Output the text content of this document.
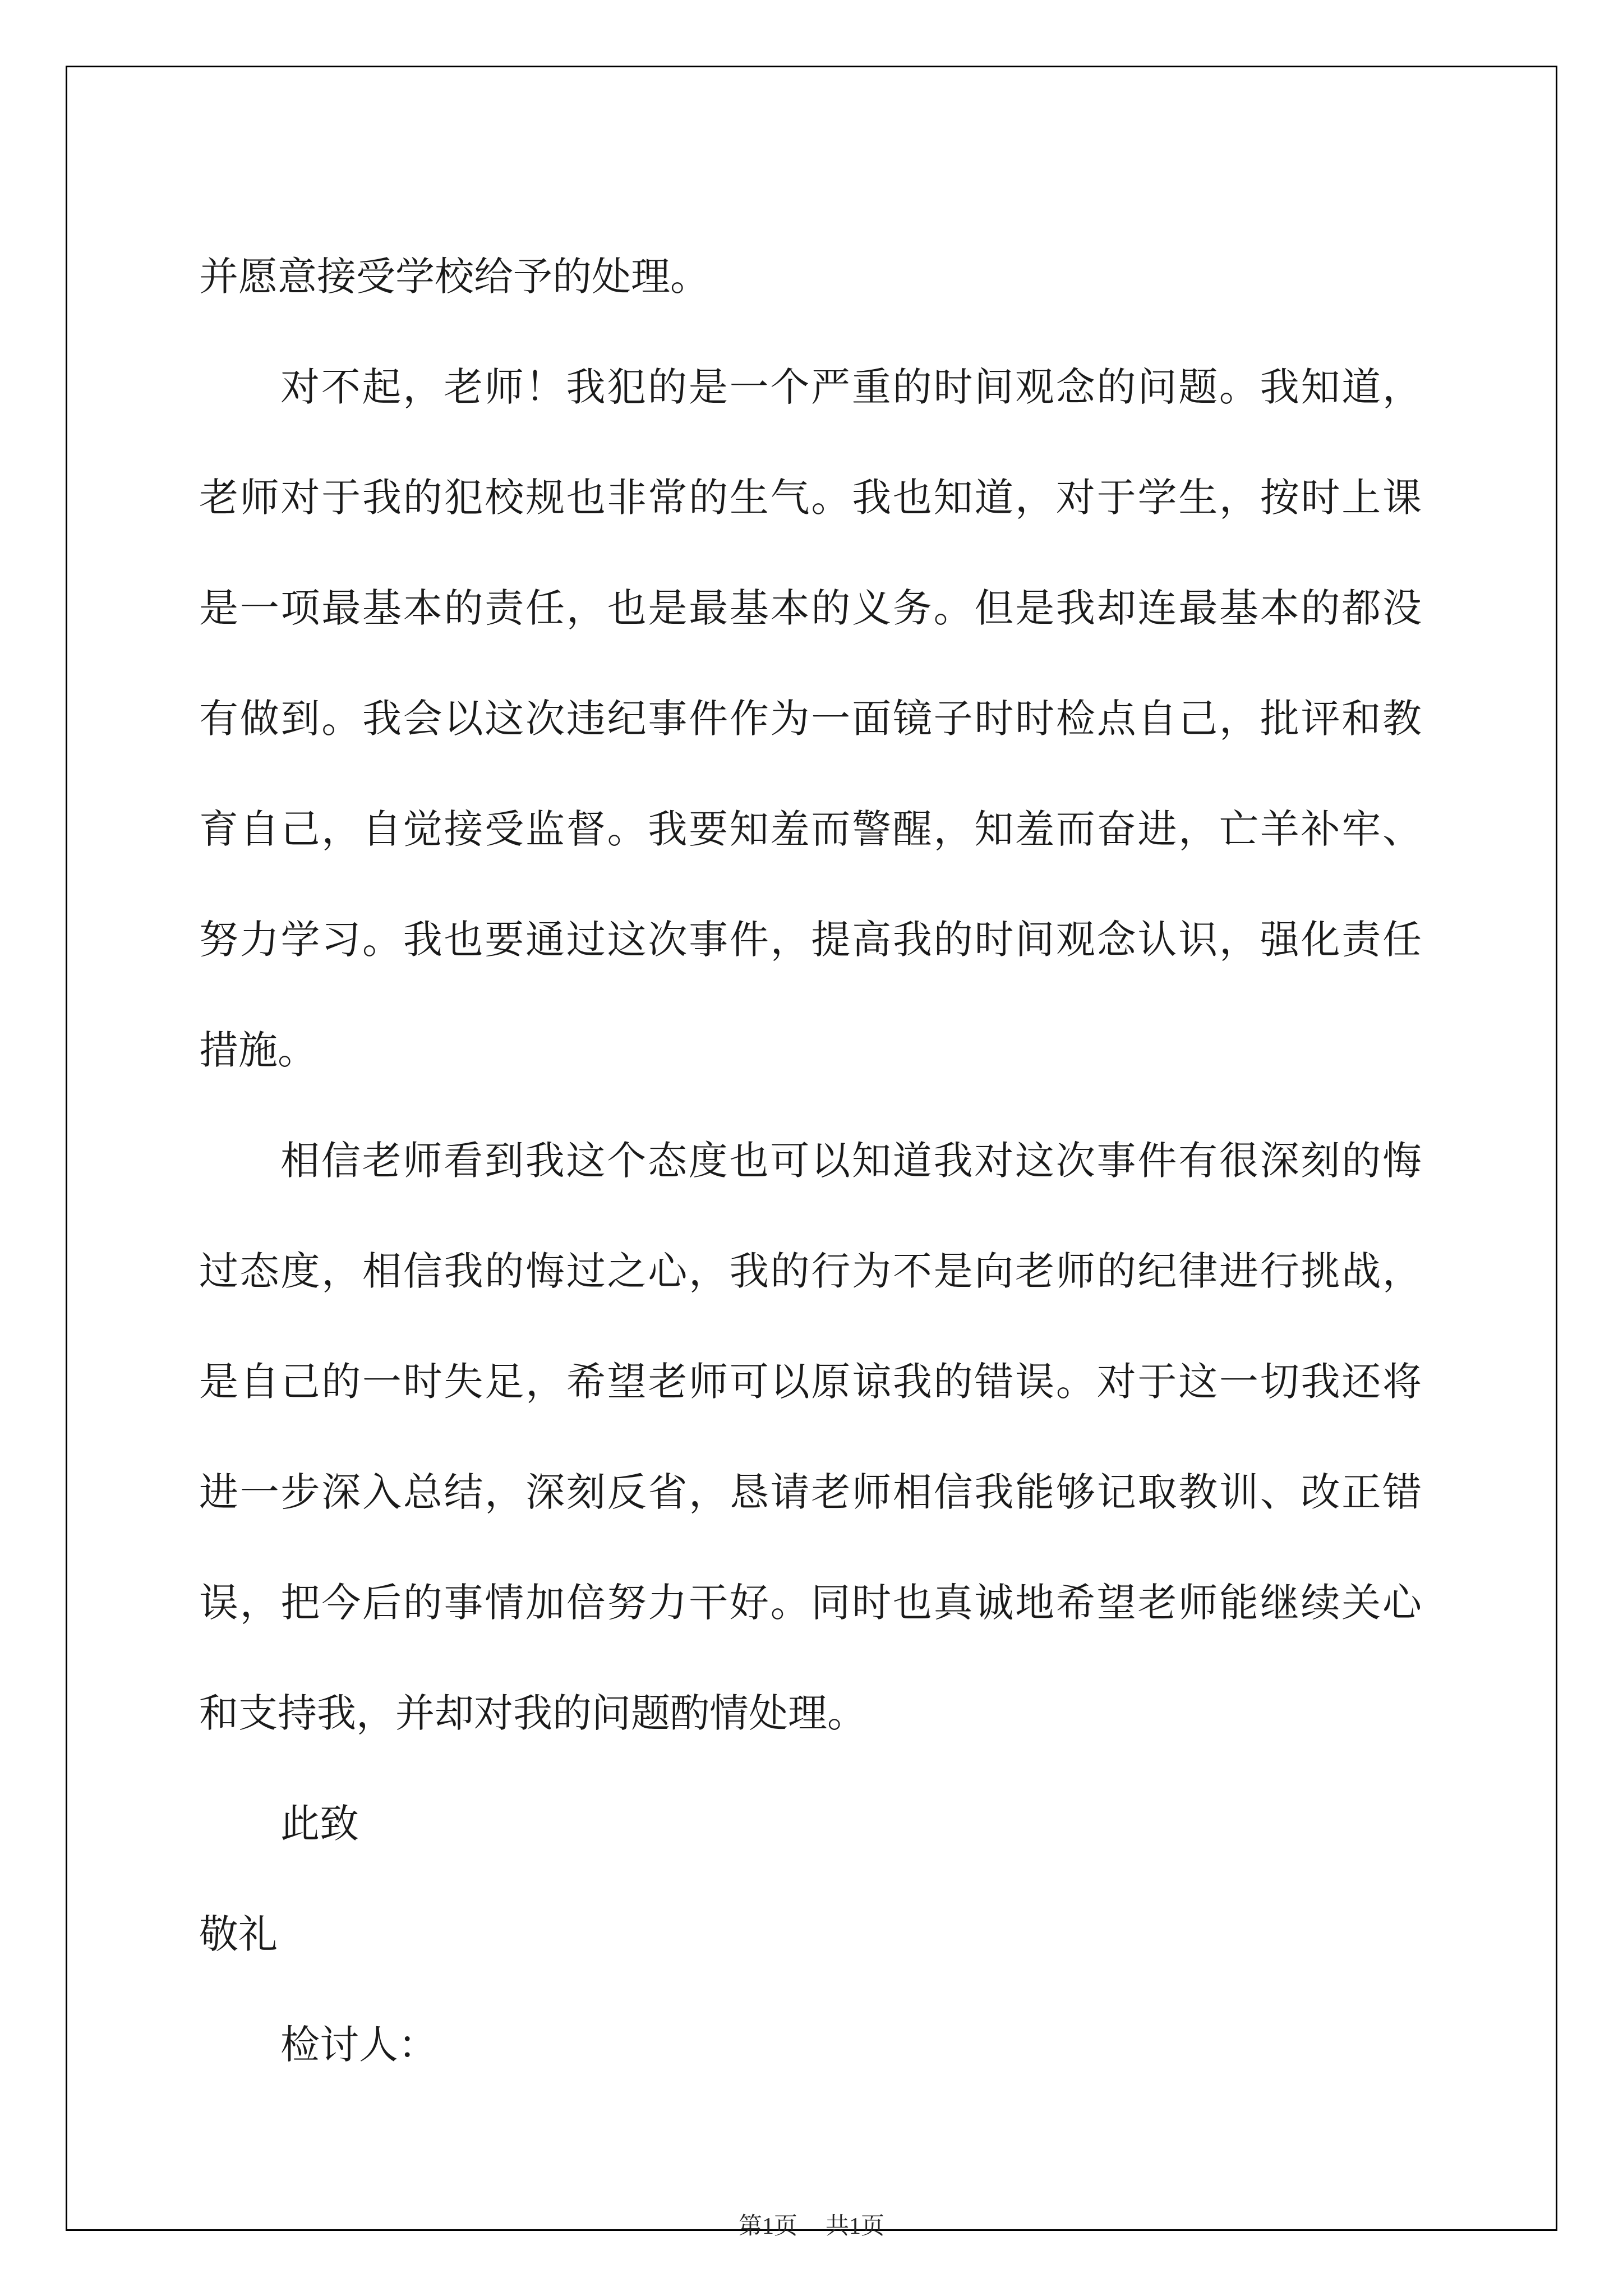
并愿意接受学校给予的处理。
对不起，老师！我犯的是一个严重的时间观念的问题。我知道，
老师对于我的犯校规也非常的生气。我也知道，对于学生，按时上课
是一项最基本的责任，也是最基本的义务。但是我却连最基本的都没
有做到。我会以这次违纪事件作为一面镜子时时检点自己，批评和教
育自己，自觉接受监督。我要知羞而警醒，知羞而奋进，亡羊补牢、
努力学习。我也要通过这次事件，提高我的时间观念认识，强化责任
措施。
相信老师看到我这个态度也可以知道我对这次事件有很深刻的悔
过态度，相信我的悔过之心，我的行为不是向老师的纪律进行挑战，
是自己的一时失足，希望老师可以原谅我的错误。对于这一切我还将
进一步深入总结，深刻反省，恳请老师相信我能够记取教训、改正错
误，把今后的事情加倍努力干好。同时也真诚地希望老师能继续关心
和支持我，并却对我的问题酌情处理。
此致
敬礼
检讨人：
第1页 共1页
